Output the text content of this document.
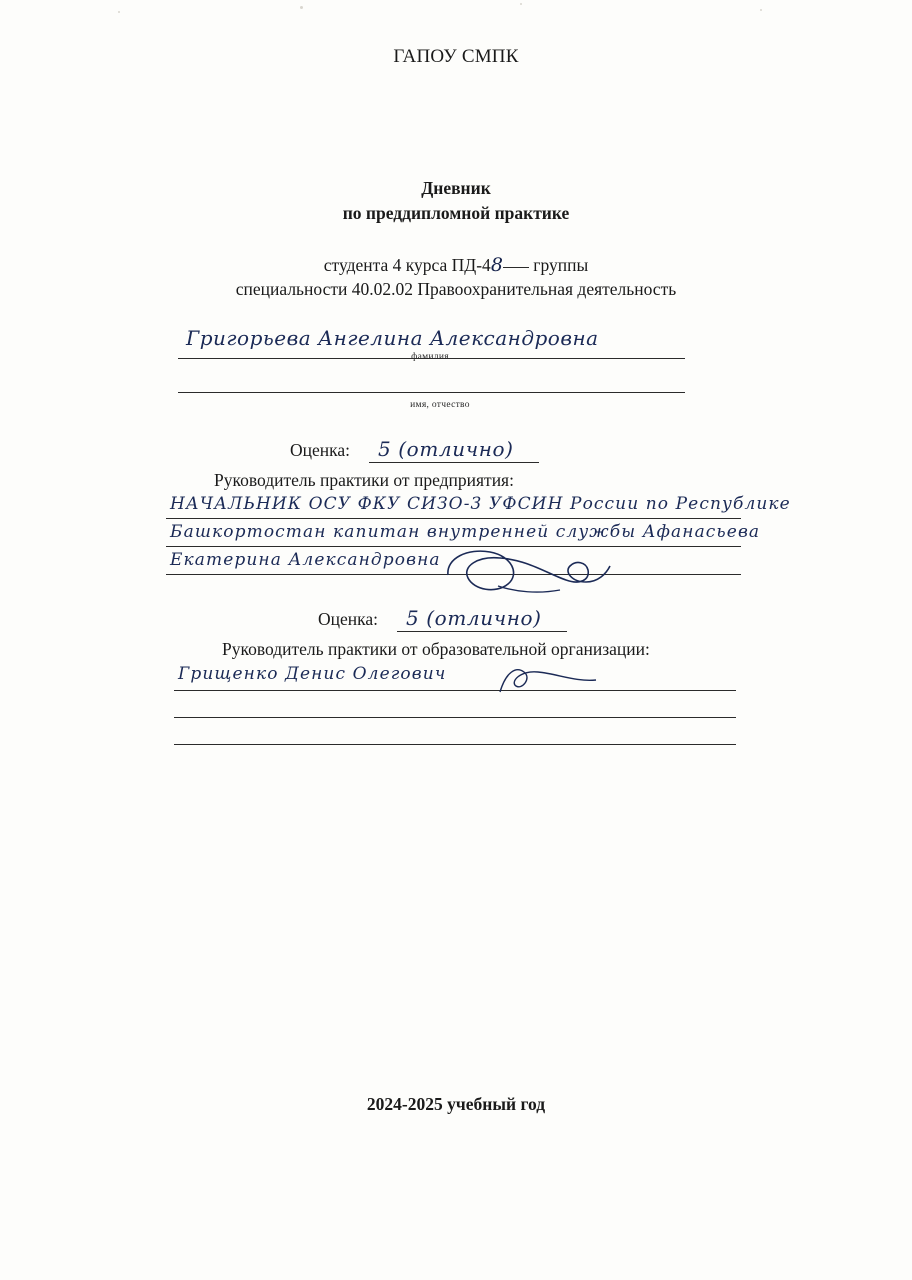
ГАПОУ СМПК
Дневник
по преддипломной практике
студента 4 курса ПД-48 группы
специальности 40.02.02 Правоохранительная деятельность
Григорьева Ангелина Александровна
фамилия
имя, отчество
Оценка: 5 (отлично)
Руководитель практики от предприятия:
НАЧАЛЬНИК ОСУ ФКУ СИЗО-3 УФСИН России по Республике
Башкортостан капитан внутренней службы Афанасьева
Екатерина Александровна
Оценка: 5 (отлично)
Руководитель практики от образовательной организации:
Грищенко Денис Олегович
2024-2025 учебный год
